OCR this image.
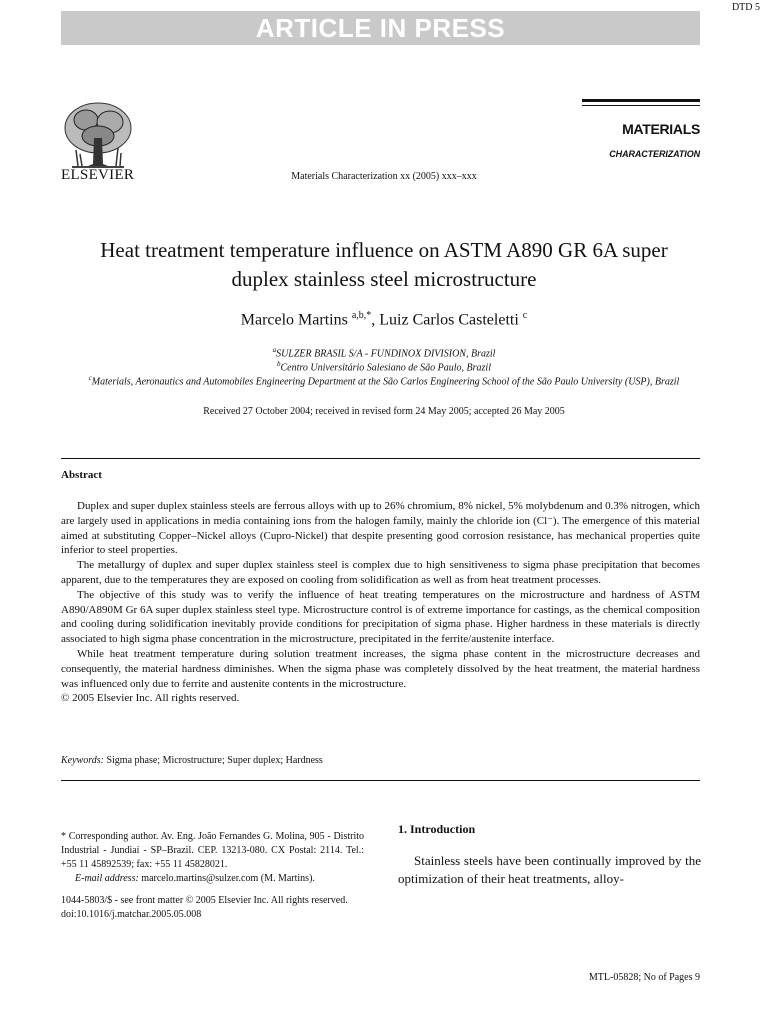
DTD 5
ARTICLE IN PRESS
ELSEVIER	Materials Characterization xx (2005) xxx–xxx
MATERIALS
CHARACTERIZATION
Heat treatment temperature influence on ASTM A890 GR 6A super
duplex stainless steel microstructure
Marcelo Martins $^{a,b,*}$, Luiz Carlos Casteletti $^c$
$^a$SULZER BRASIL S/A - FUNDINOX DIVISION, Brazil
$^b$Centro Universitário Salesiano de São Paulo, Brazil
$^c$Materials, Aeronautics and Automobiles Engineering Department at the São Carlos Engineering School of the São Paulo University (USP), Brazil
Received 27 October 2004; received in revised form 24 May 2005; accepted 26 May 2005
Abstract

Duplex and super duplex stainless steels are ferrous alloys with up to 26% chromium, 8% nickel, 5% molybdenum and 0.3% nitrogen, which are largely used in applications in media containing ions from the halogen family, mainly the chloride ion (Cl⁻). The emergence of this material aimed at substituting Copper–Nickel alloys (Cupro-Nickel) that despite presenting good corrosion resistance, has mechanical properties quite inferior to steel properties.

The metallurgy of duplex and super duplex stainless steel is complex due to high sensitiveness to sigma phase precipitation that becomes apparent, due to the temperatures they are exposed on cooling from solidification as well as from heat treatment processes.

The objective of this study was to verify the influence of heat treating temperatures on the microstructure and hardness of ASTM A890/A890M Gr 6A super duplex stainless steel type. Microstructure control is of extreme importance for castings, as the chemical composition and cooling during solidification inevitably provide conditions for precipitation of sigma phase. Higher hardness in these materials is directly associated to high sigma phase concentration in the microstructure, precipitated in the ferrite/austenite interface.

While heat treatment temperature during solution treatment increases, the sigma phase content in the microstructure decreases and consequently, the material hardness diminishes. When the sigma phase was completely dissolved by the heat treatment, the material hardness was influenced only due to ferrite and austenite contents in the microstructure.

© 2005 Elsevier Inc. All rights reserved.

Keywords: Sigma phase; Microstructure; Super duplex; Hardness
* Corresponding author. Av. Eng. João Fernandes G. Molina, 905 - Distrito Industrial - Jundiaí - SP–Brazil. CEP. 13213-080. CX Postal: 2114. Tel.: +55 11 45892539; fax: +55 11 45828021.
E-mail address: marcelo.martins@sulzer.com (M. Martins).
1044-5803/$ - see front matter © 2005 Elsevier Inc. All rights reserved.
doi:10.1016/j.matchar.2005.05.008
1. Introduction

Stainless steels have been continually improved by the optimization of their heat treatments, alloy-

MTL-05828; No of Pages 9
